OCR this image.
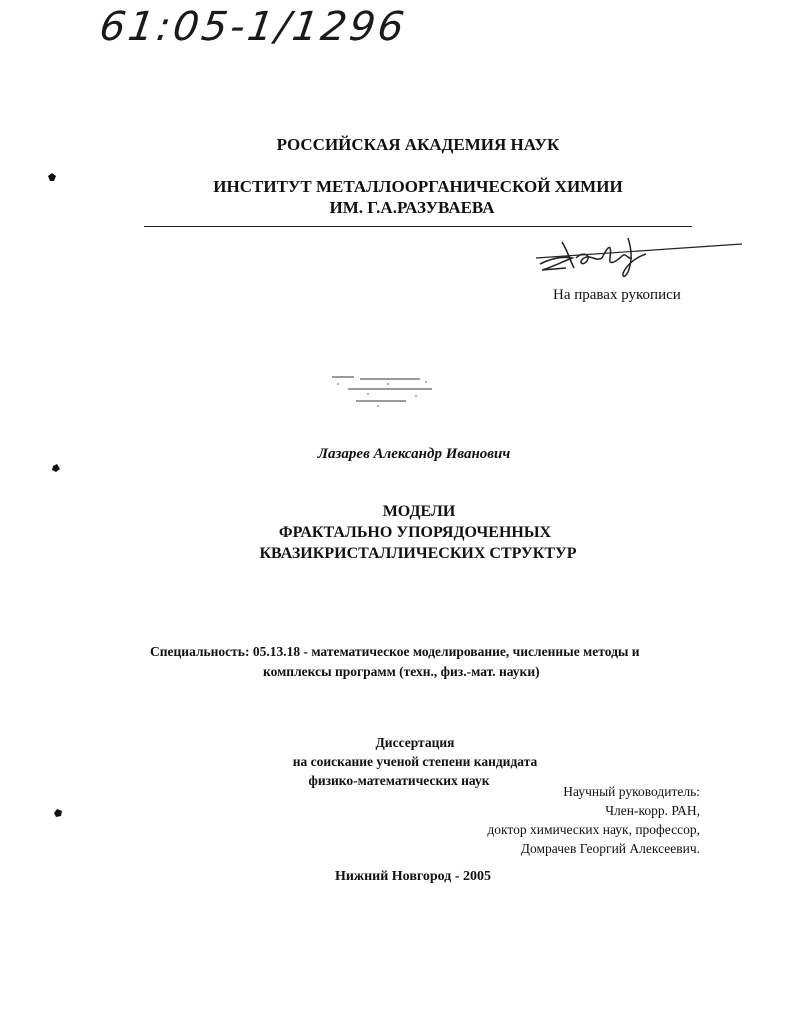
61:05-1/1296
РОССИЙСКАЯ АКАДЕМИЯ НАУК
ИНСТИТУТ МЕТАЛЛООРГАНИЧЕСКОЙ ХИМИИ
ИМ. Г.А.РАЗУВАЕВА
На правах рукописи
Лазарев Александр Иванович
МОДЕЛИ
ФРАКТАЛЬНО УПОРЯДОЧЕННЫХ
КВАЗИКРИСТАЛЛИЧЕСКИХ СТРУКТУР
Специальность: 05.13.18 - математическое моделирование, численные методы и
комплексы программ (техн., физ.-мат. науки)
Диссертация
на соискание ученой степени кандидата
физико-математических наук
Научный руководитель:
Член-корр. РАН,
доктор химических наук, профессор,
Домрачев Георгий Алексеевич.
Нижний Новгород - 2005
